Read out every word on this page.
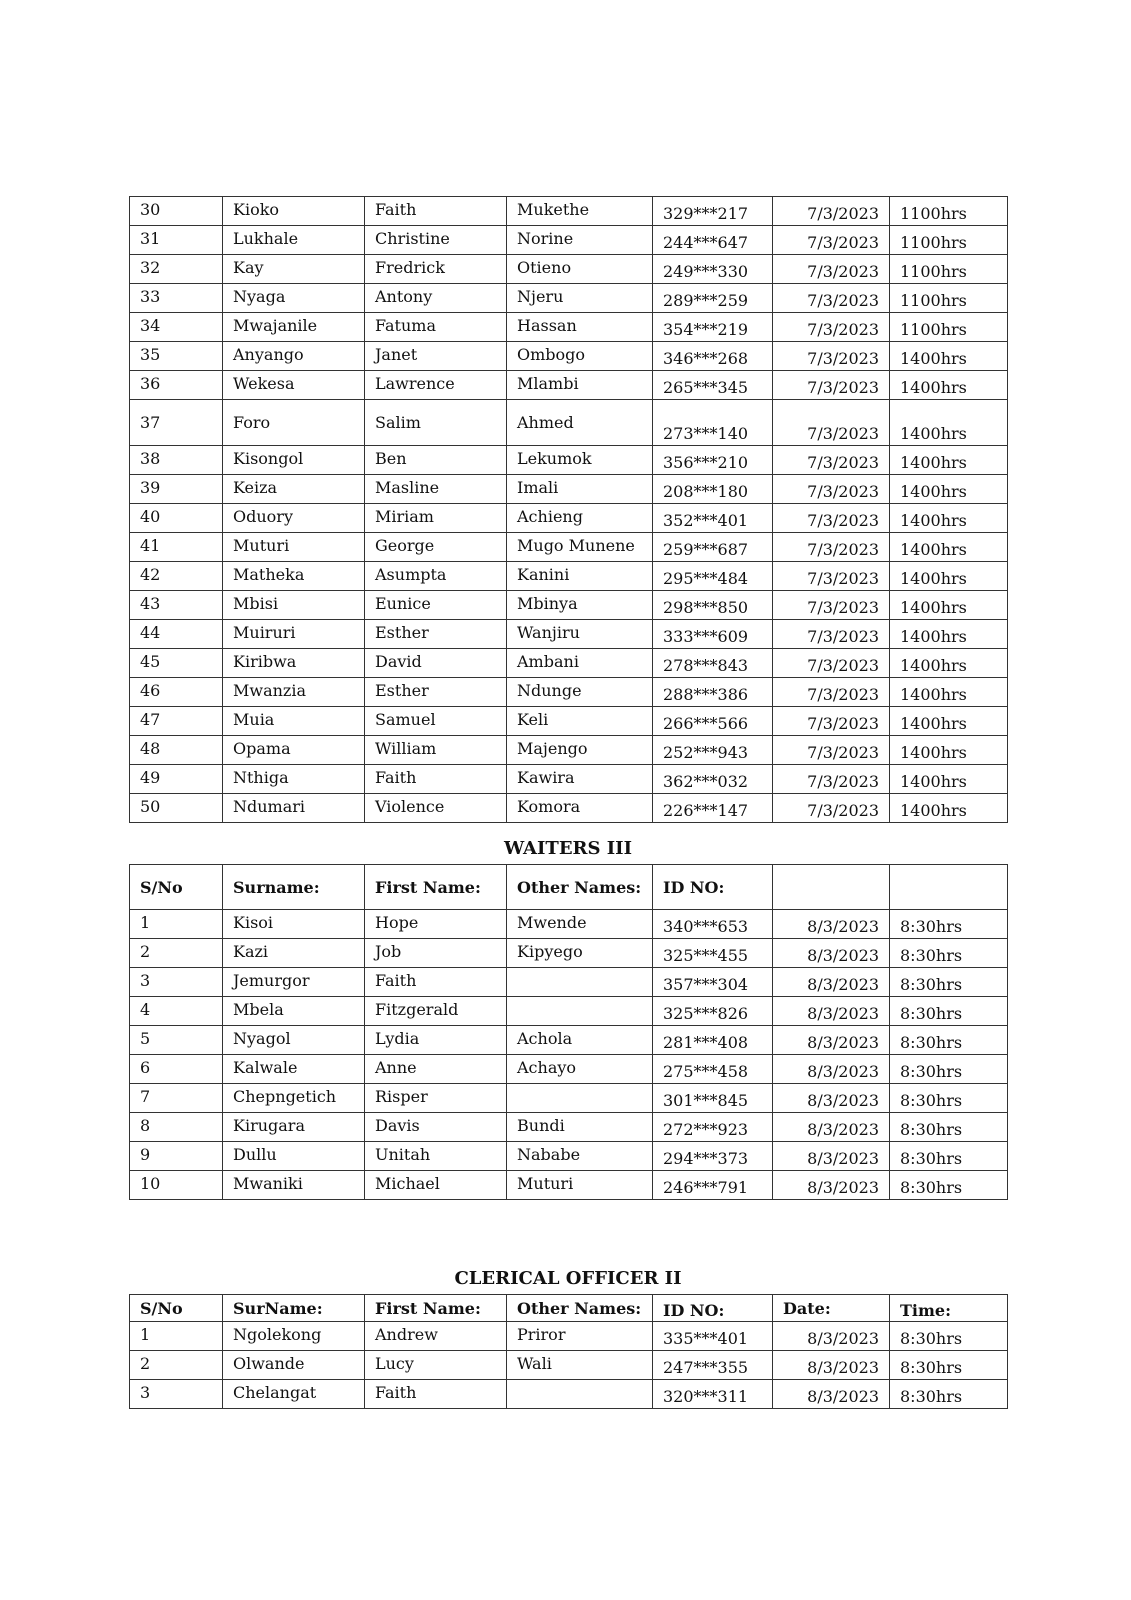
30	Kioko	Faith	Mukethe	329***217	7/3/2023	1100hrs
31	Lukhale	Christine	Norine	244***647	7/3/2023	1100hrs
32	Kay	Fredrick	Otieno	249***330	7/3/2023	1100hrs
33	Nyaga	Antony	Njeru	289***259	7/3/2023	1100hrs
34	Mwajanile	Fatuma	Hassan	354***219	7/3/2023	1100hrs
35	Anyango	Janet	Ombogo	346***268	7/3/2023	1400hrs
36	Wekesa	Lawrence	Mlambi	265***345	7/3/2023	1400hrs
37	Foro	Salim	Ahmed	273***140	7/3/2023	1400hrs
38	Kisongol	Ben	Lekumok	356***210	7/3/2023	1400hrs
39	Keiza	Masline	Imali	208***180	7/3/2023	1400hrs
40	Oduory	Miriam	Achieng	352***401	7/3/2023	1400hrs
41	Muturi	George	Mugo Munene	259***687	7/3/2023	1400hrs
42	Matheka	Asumpta	Kanini	295***484	7/3/2023	1400hrs
43	Mbisi	Eunice	Mbinya	298***850	7/3/2023	1400hrs
44	Muiruri	Esther	Wanjiru	333***609	7/3/2023	1400hrs
45	Kiribwa	David	Ambani	278***843	7/3/2023	1400hrs
46	Mwanzia	Esther	Ndunge	288***386	7/3/2023	1400hrs
47	Muia	Samuel	Keli	266***566	7/3/2023	1400hrs
48	Opama	William	Majengo	252***943	7/3/2023	1400hrs
49	Nthiga	Faith	Kawira	362***032	7/3/2023	1400hrs
50	Ndumari	Violence	Komora	226***147	7/3/2023	1400hrs
WAITERS III
S/No	Surname:	First Name:	Other Names:	ID NO:		
1	Kisoi	Hope	Mwende	340***653	8/3/2023	8:30hrs
2	Kazi	Job	Kipyego	325***455	8/3/2023	8:30hrs
3	Jemurgor	Faith		357***304	8/3/2023	8:30hrs
4	Mbela	Fitzgerald		325***826	8/3/2023	8:30hrs
5	Nyagol	Lydia	Achola	281***408	8/3/2023	8:30hrs
6	Kalwale	Anne	Achayo	275***458	8/3/2023	8:30hrs
7	Chepngetich	Risper		301***845	8/3/2023	8:30hrs
8	Kirugara	Davis	Bundi	272***923	8/3/2023	8:30hrs
9	Dullu	Unitah	Nababe	294***373	8/3/2023	8:30hrs
10	Mwaniki	Michael	Muturi	246***791	8/3/2023	8:30hrs
CLERICAL OFFICER II
S/No	SurName:	First Name:	Other Names:	ID NO:	Date:	Time:
1	Ngolekong	Andrew	Priror	335***401	8/3/2023	8:30hrs
2	Olwande	Lucy	Wali	247***355	8/3/2023	8:30hrs
3	Chelangat	Faith		320***311	8/3/2023	8:30hrs
